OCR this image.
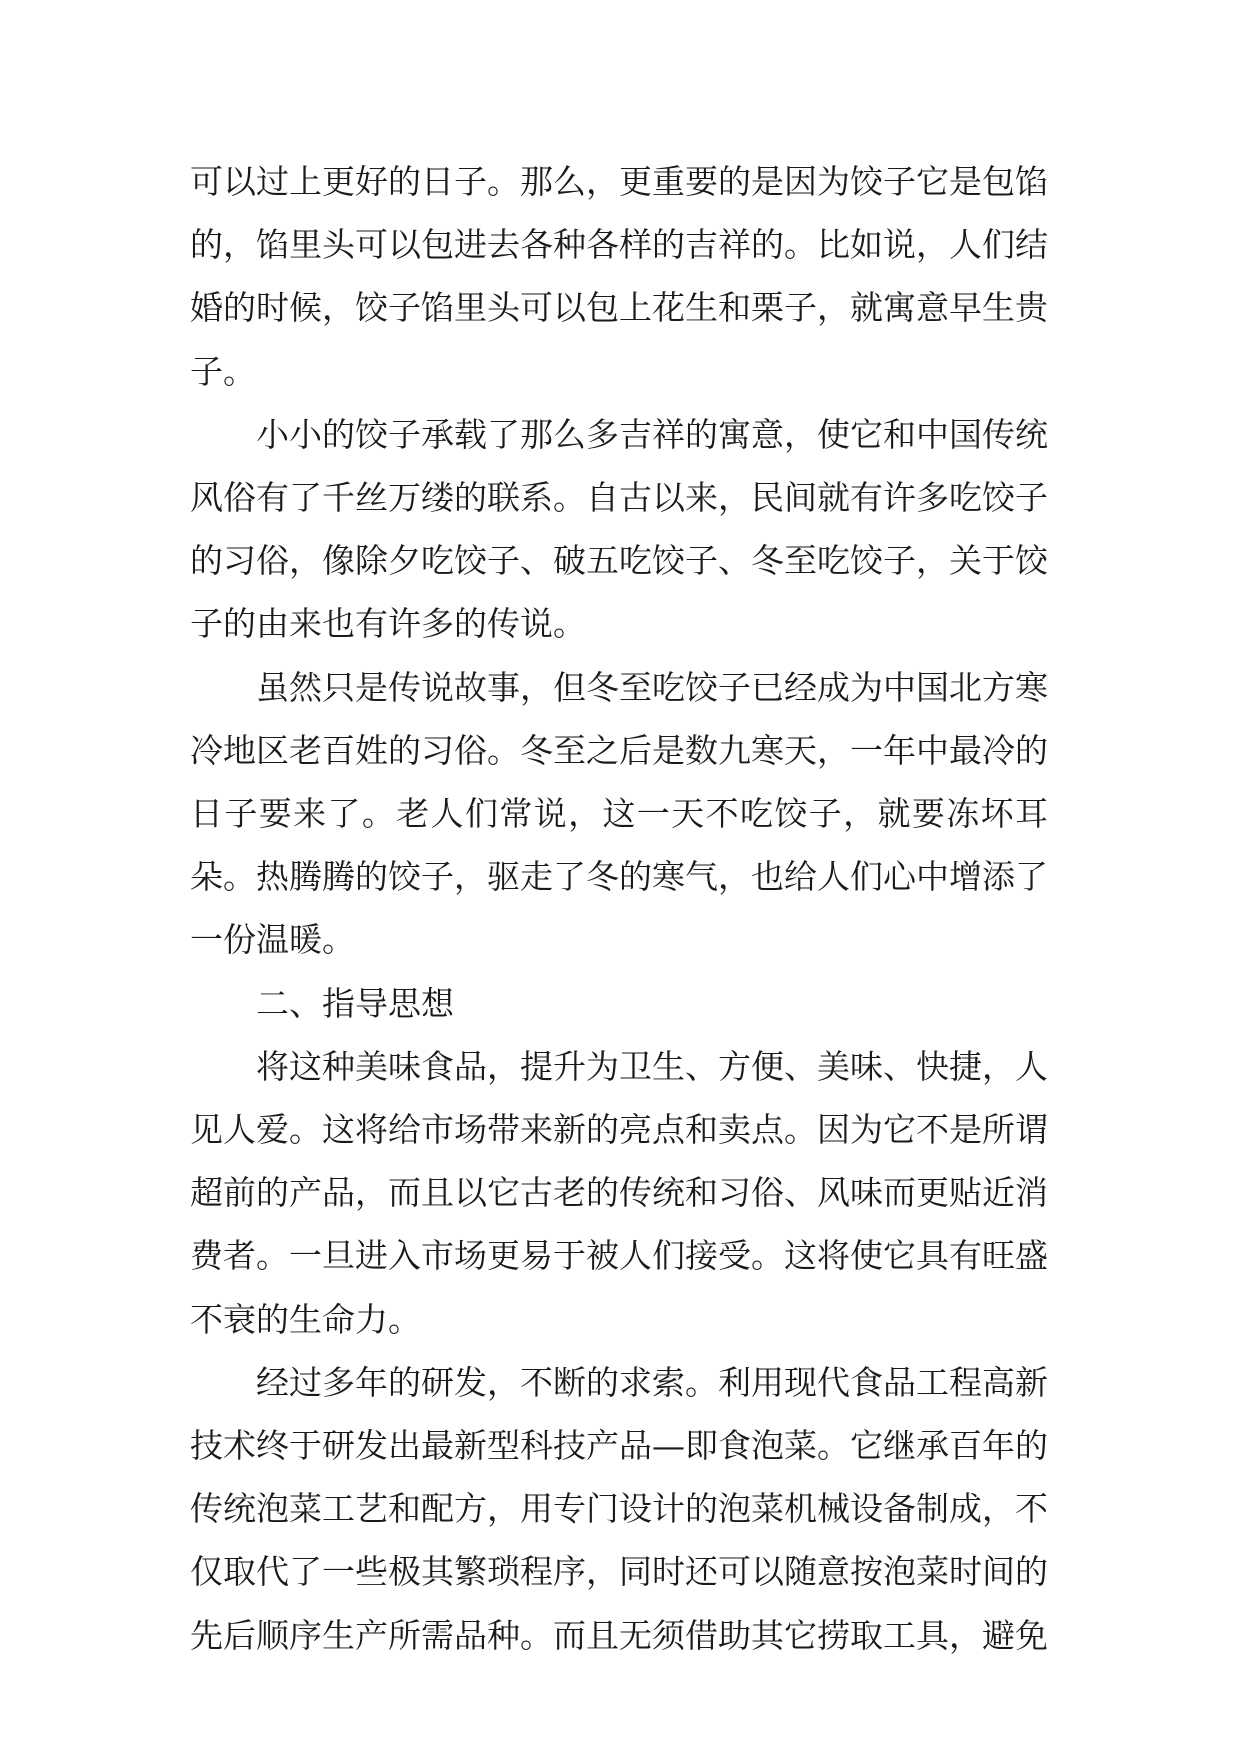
可以过上更好的日子。那么，更重要的是因为饺子它是包馅的，馅里头可以包进去各种各样的吉祥的。比如说，人们结婚的时候，饺子馅里头可以包上花生和栗子，就寓意早生贵子。

小小的饺子承载了那么多吉祥的寓意，使它和中国传统风俗有了千丝万缕的联系。自古以来，民间就有许多吃饺子的习俗，像除夕吃饺子、破五吃饺子、冬至吃饺子，关于饺子的由来也有许多的传说。

虽然只是传说故事，但冬至吃饺子已经成为中国北方寒冷地区老百姓的习俗。冬至之后是数九寒天，一年中最冷的日子要来了。老人们常说，这一天不吃饺子，就要冻坏耳朵。热腾腾的饺子，驱走了冬的寒气，也给人们心中增添了一份温暖。

二、指导思想

将这种美味食品，提升为卫生、方便、美味、快捷，人见人爱。这将给市场带来新的亮点和卖点。因为它不是所谓超前的产品，而且以它古老的传统和习俗、风味而更贴近消费者。一旦进入市场更易于被人们接受。这将使它具有旺盛不衰的生命力。

经过多年的研发，不断的求索。利用现代食品工程高新技术终于研发出最新型科技产品—即食泡菜。它继承百年的传统泡菜工艺和配方，用专门设计的泡菜机械设备制成，不仅取代了一些极其繁琐程序，同时还可以随意按泡菜时间的先后顺序生产所需品种。而且无须借助其它捞取工具，避免
